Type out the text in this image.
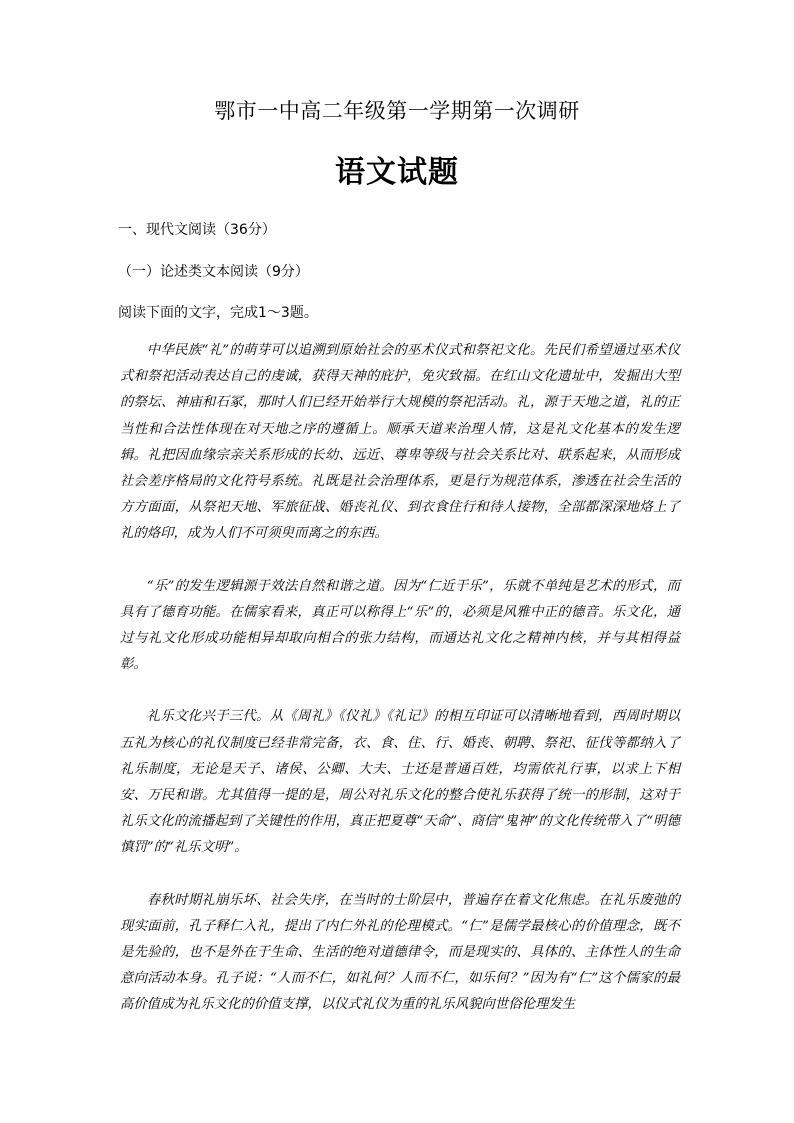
鄂市一中高二年级第一学期第一次调研
语文试题
一、现代文阅读（36分）
（一）论述类文本阅读（9分）
阅读下面的文字，完成1～3题。

中华民族“礼”的萌芽可以追溯到原始社会的巫术仪式和祭祀文化。先民们希望通过巫术仪式和祭祀活动表达自己的虔诚，获得天神的庇护，免灾致福。在红山文化遗址中，发掘出大型的祭坛、神庙和石冢，那时人们已经开始举行大规模的祭祀活动。礼，源于天地之道，礼的正当性和合法性体现在对天地之序的遵循上。顺承天道来治理人情，这是礼文化基本的发生逻辑。礼把因血缘宗亲关系形成的长幼、远近、尊卑等级与社会关系比对、联系起来，从而形成社会差序格局的文化符号系统。礼既是社会治理体系，更是行为规范体系，渗透在社会生活的方方面面，从祭祀天地、军旅征战、婚丧礼仪、到衣食住行和待人接物，全部都深深地烙上了礼的烙印，成为人们不可须臾而离之的东西。

“乐”的发生逻辑源于效法自然和谐之道。因为“仁近于乐”，乐就不单纯是艺术的形式，而具有了德育功能。在儒家看来，真正可以称得上“乐”的，必须是风雅中正的德音。乐文化，通过与礼文化形成功能相异却取向相合的张力结构，而通达礼文化之精神内核，并与其相得益彰。

礼乐文化兴于三代。从《周礼》《仪礼》《礼记》的相互印证可以清晰地看到，西周时期以五礼为核心的礼仪制度已经非常完备，衣、食、住、行、婚丧、朝聘、祭祀、征伐等都纳入了礼乐制度，无论是天子、诸侯、公卿、大夫、士还是普通百姓，均需依礼行事，以求上下相安、万民和谐。尤其值得一提的是，周公对礼乐文化的整合使礼乐获得了统一的形制，这对于礼乐文化的流播起到了关键性的作用，真正把夏尊“天命”、商信“鬼神”的文化传统带入了“明德慎罚”的“礼乐文明”。

春秋时期礼崩乐坏、社会失序，在当时的士阶层中，普遍存在着文化焦虑。在礼乐废弛的现实面前，孔子释仁入礼，提出了内仁外礼的伦理模式。“仁”是儒学最核心的价值理念，既不是先验的，也不是外在于生命、生活的绝对道德律令，而是现实的、具体的、主体性人的生命意向活动本身。孔子说：“人而不仁，如礼何？人而不仁，如乐何？”因为有“仁”这个儒家的最高价值成为礼乐文化的价值支撑，以仪式礼仪为重的礼乐风貌向世俗伦理发生
